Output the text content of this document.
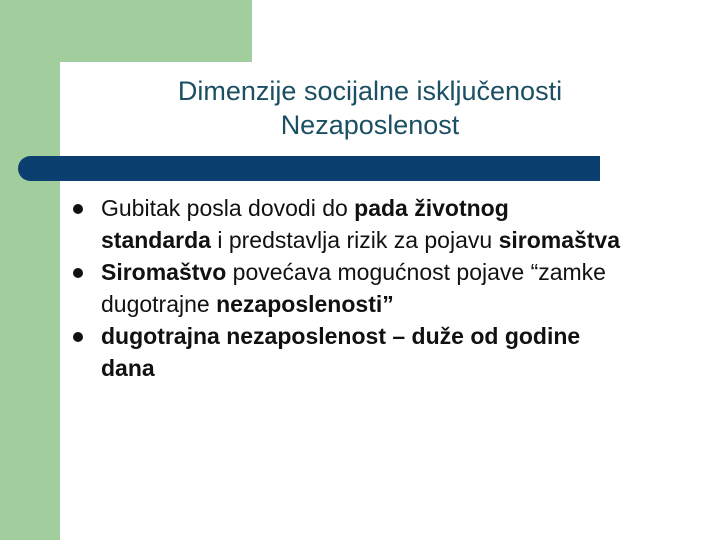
Dimenzije socijalne isključenosti
Nezaposlenost
Gubitak posla dovodi do pada životnog standarda i predstavlja rizik za pojavu siromaštva
Siromaštvo povećava mogućnost pojave “zamke dugotrajne nezaposlenosti”
dugotrajna nezaposlenost – duže od godine dana
